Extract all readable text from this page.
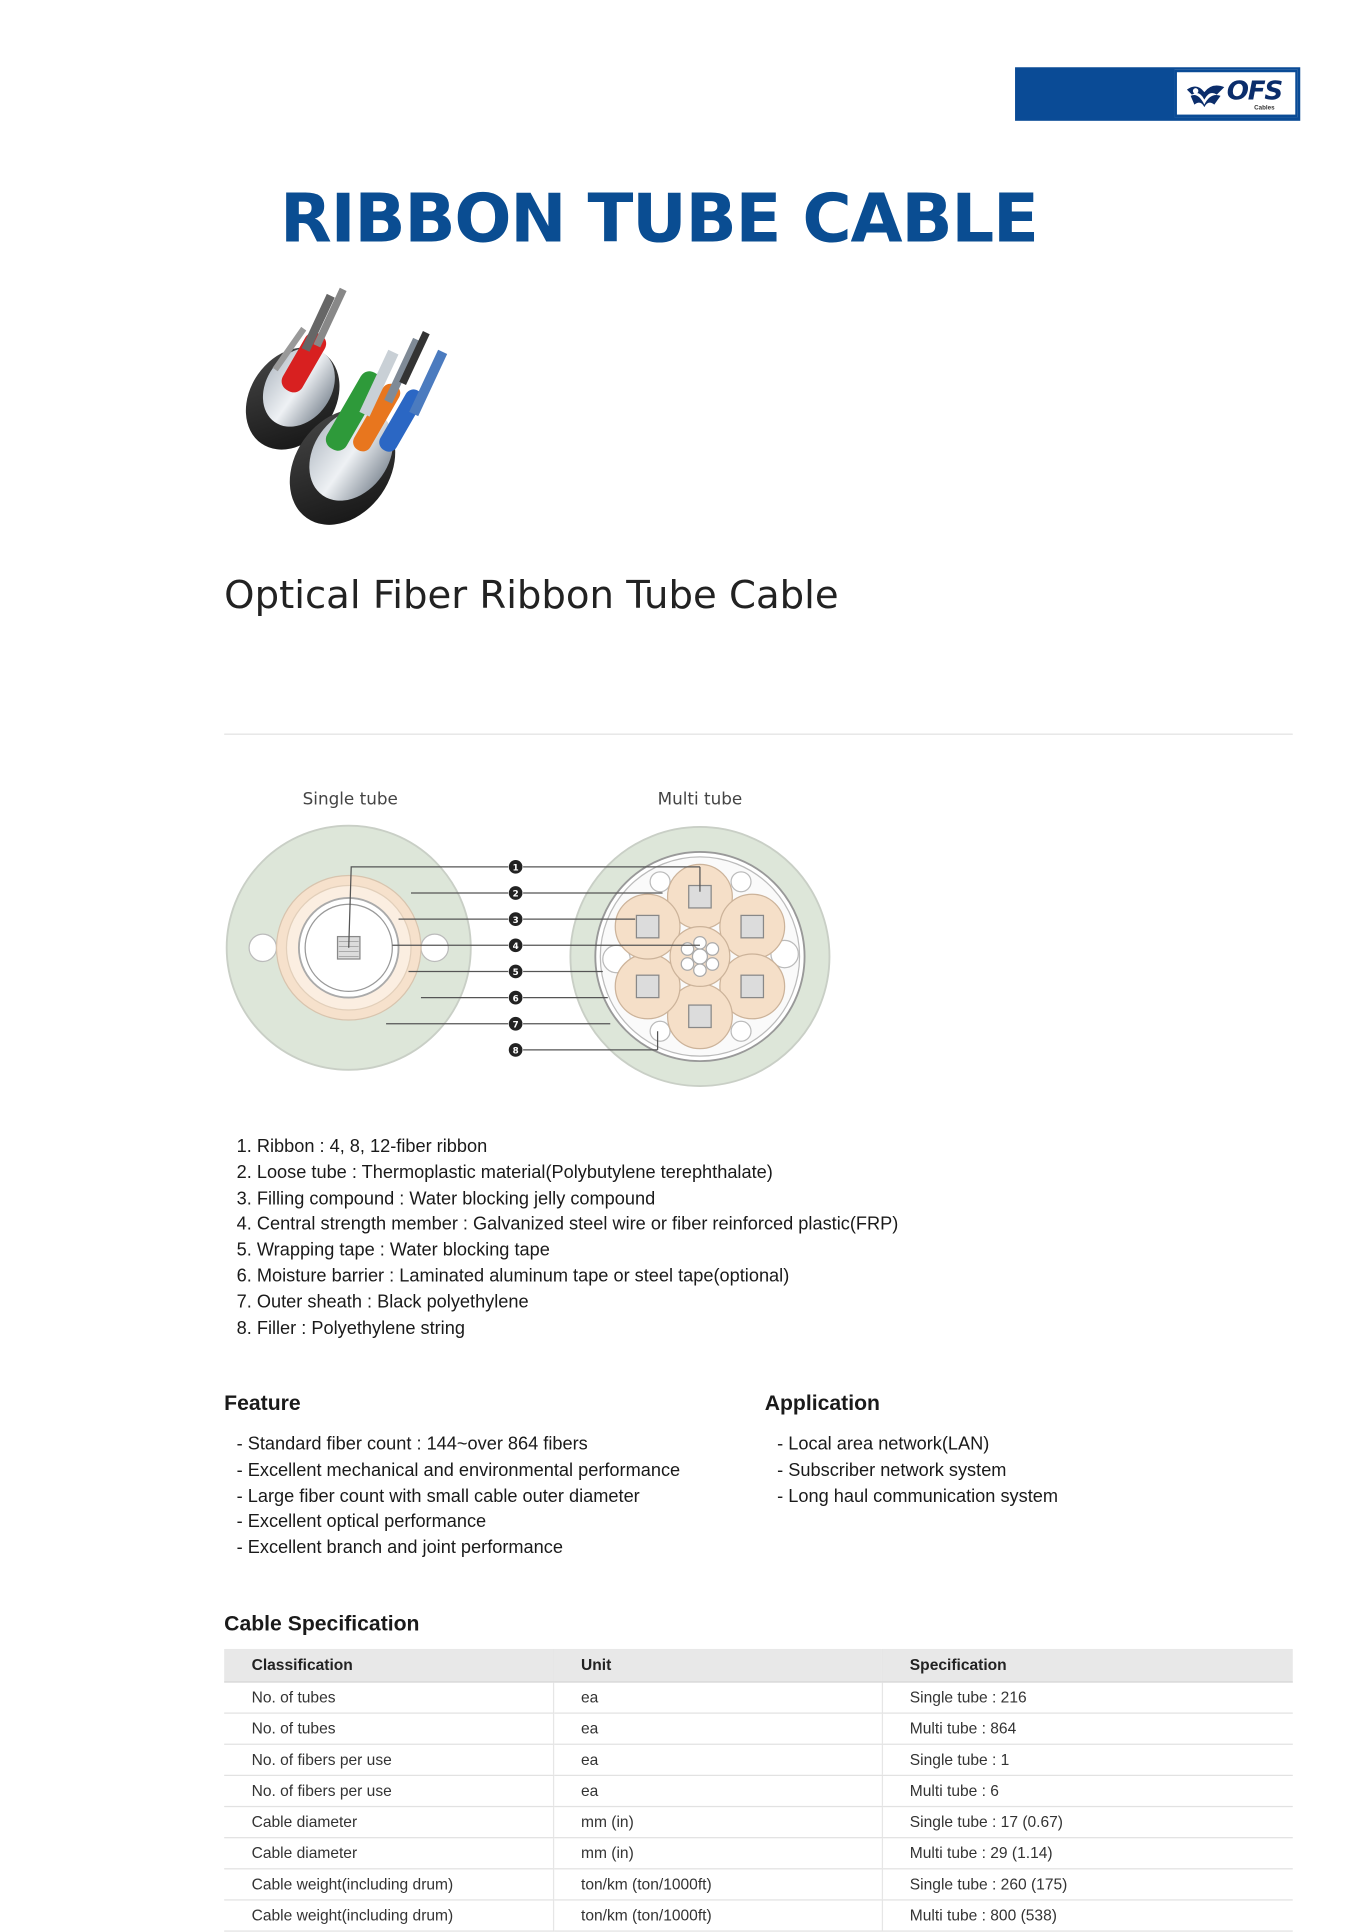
OFS
Cables
RIBBON TUBE CABLE
Optical Fiber Ribbon Tube Cable
Single tube	Multi tube
1
2
3
4
5
6
7
8
1. Ribbon : 4, 8, 12-fiber ribbon
2. Loose tube : Thermoplastic material(Polybutylene terephthalate)
3. Filling compound : Water blocking jelly compound
4. Central strength member : Galvanized steel wire or fiber reinforced plastic(FRP)
5. Wrapping tape : Water blocking tape
6. Moisture barrier : Laminated aluminum tape or steel tape(optional)
7. Outer sheath : Black polyethylene
8. Filler : Polyethylene string
Feature
- Standard fiber count : 144~over 864 fibers
- Excellent mechanical and environmental performance
- Large fiber count with small cable outer diameter
- Excellent optical performance
- Excellent branch and joint performance
Application
- Local area network(LAN)
- Subscriber network system
- Long haul communication system
Cable Specification
Classification	Unit	Specification
No. of tubes	ea	Single tube : 216
No. of tubes	ea	Multi tube : 864
No. of fibers per use	ea	Single tube : 1
No. of fibers per use	ea	Multi tube : 6
Cable diameter	mm (in)	Single tube : 17 (0.67)
Cable diameter	mm (in)	Multi tube : 29 (1.14)
Cable weight(including drum)	ton/km (ton/1000ft)	Single tube : 260 (175)
Cable weight(including drum)	ton/km (ton/1000ft)	Multi tube : 800 (538)
